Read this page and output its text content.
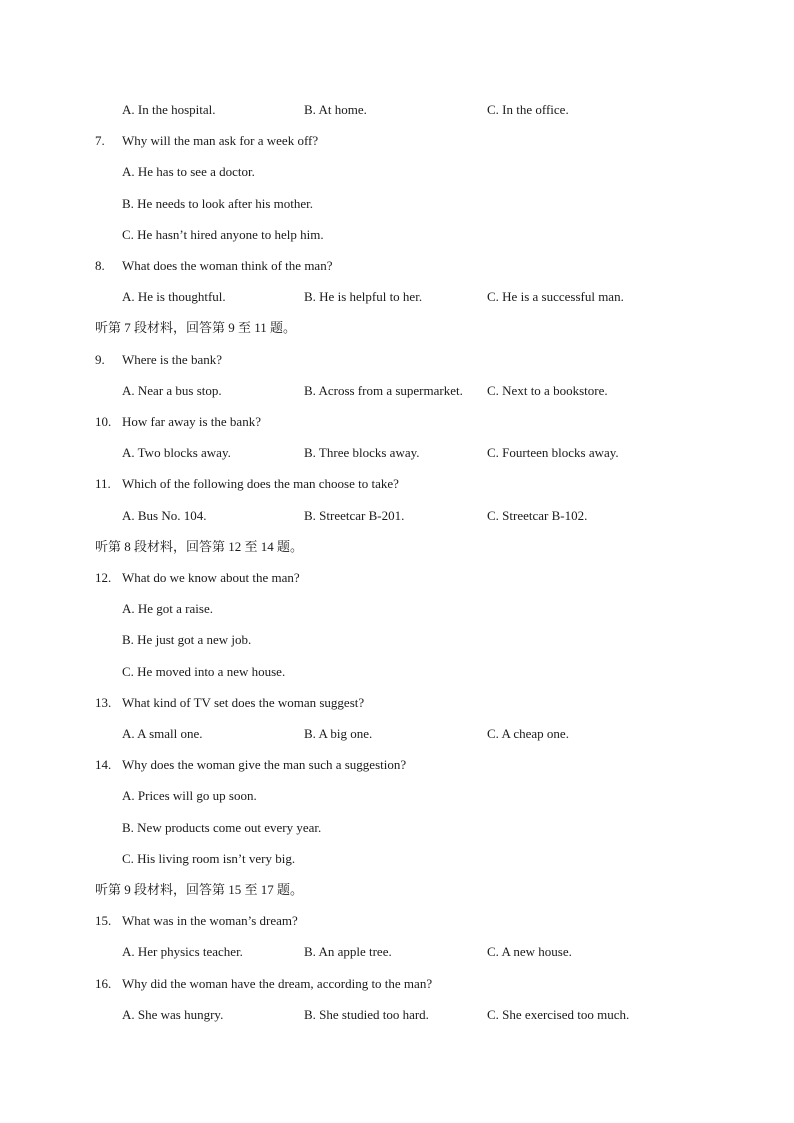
A. In the hospital.	B. At home.	C. In the office.
7. Why will the man ask for a week off?
A. He has to see a doctor.
B. He needs to look after his mother.
C. He hasn’t hired anyone to help him.
8. What does the woman think of the man?
A. He is thoughtful.	B. He is helpful to her.	C. He is a successful man.
听第 7 段材料，回答第 9 至 11 题。
9. Where is the bank?
A. Near a bus stop.	B. Across from a supermarket. C. Next to a bookstore.
10. How far away is the bank?
A. Two blocks away.	B. Three blocks away.	C. Fourteen blocks away.
11. Which of the following does the man choose to take?
A. Bus No. 104.	B. Streetcar B-201.	C. Streetcar B-102.
听第 8 段材料，回答第 12 至 14 题。
12. What do we know about the man?
A. He got a raise.
B. He just got a new job.
C. He moved into a new house.
13. What kind of TV set does the woman suggest?
A. A small one.	B. A big one.	C. A cheap one.
14. Why does the woman give the man such a suggestion?
A. Prices will go up soon.
B. New products come out every year.
C. His living room isn’t very big.
听第 9 段材料，回答第 15 至 17 题。
15. What was in the woman’s dream?
A. Her physics teacher.	B. An apple tree.	C. A new house.
16. Why did the woman have the dream, according to the man?
A. She was hungry.	B. She studied too hard.	C. She exercised too much.
